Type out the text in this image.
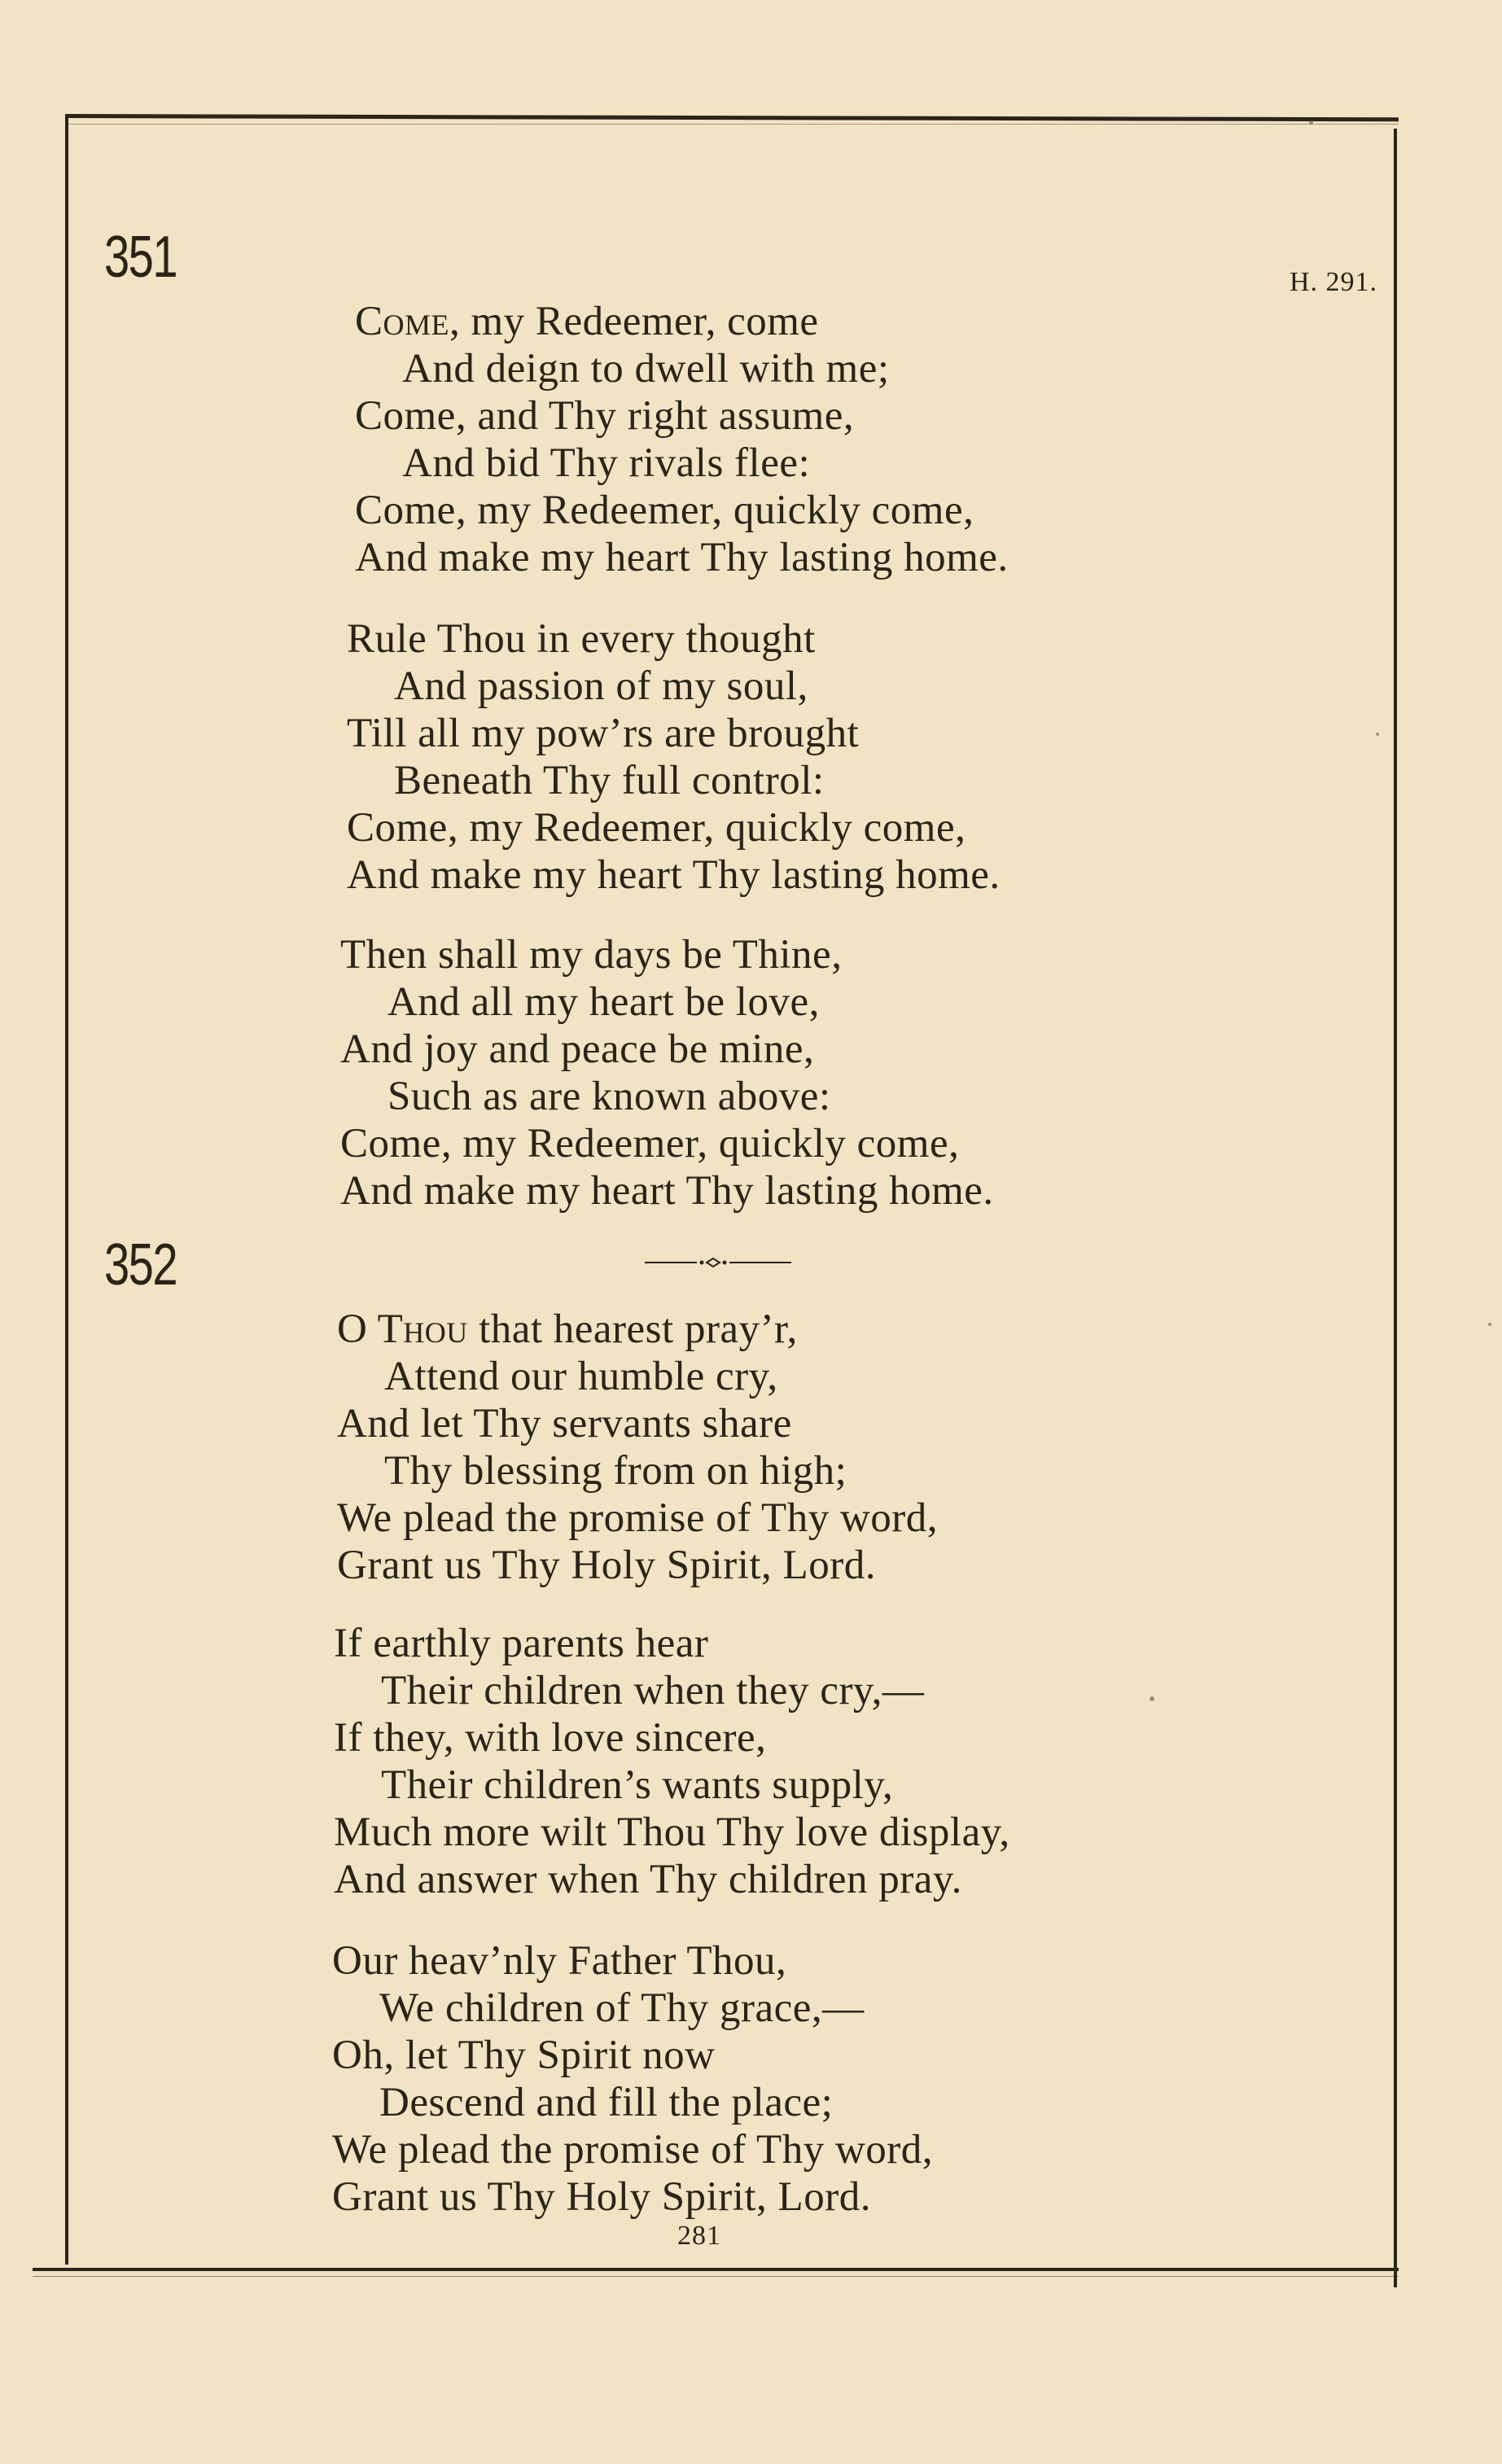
351	H. 291.
Come, my Redeemer, come
And deign to dwell with me;
Come, and Thy right assume,
And bid Thy rivals flee:
Come, my Redeemer, quickly come,
And make my heart Thy lasting home.
Rule Thou in every thought
And passion of my soul,
Till all my pow’rs are brought
Beneath Thy full control:
Come, my Redeemer, quickly come,
And make my heart Thy lasting home.
Then shall my days be Thine,
And all my heart be love,
And joy and peace be mine,
Such as are known above:
Come, my Redeemer, quickly come,
And make my heart Thy lasting home.
352
O Thou that hearest pray’r,
Attend our humble cry,
And let Thy servants share
Thy blessing from on high;
We plead the promise of Thy word,
Grant us Thy Holy Spirit, Lord.
If earthly parents hear
Their children when they cry,—
If they, with love sincere,
Their children’s wants supply,
Much more wilt Thou Thy love display,
And answer when Thy children pray.
Our heav’nly Father Thou,
We children of Thy grace,—
Oh, let Thy Spirit now
Descend and fill the place;
We plead the promise of Thy word,
Grant us Thy Holy Spirit, Lord.
281
